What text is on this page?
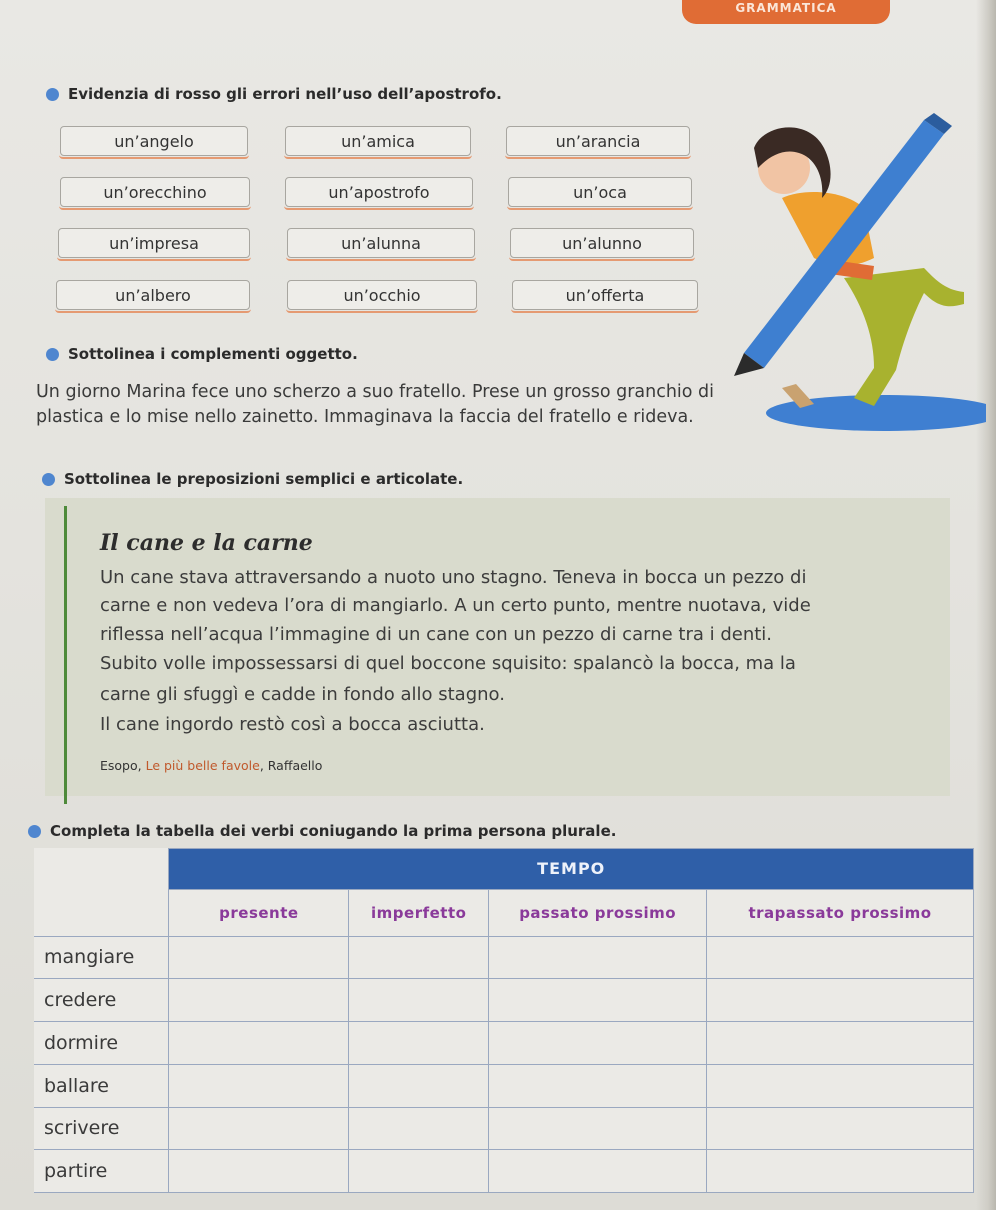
GRAMMATICA
Evidenzia di rosso gli errori nell’uso dell’apostrofo.
un’angelo	un’amica	un’arancia
un’orecchino	un’apostrofo	un’oca
un’impresa	un’alunna	un’alunno
un’albero	un’occhio	un’offerta
Sottolinea i complementi oggetto.
Un giorno Marina fece uno scherzo a suo fratello. Prese un grosso granchio di
plastica e lo mise nello zainetto. Immaginava la faccia del fratello e rideva.
Sottolinea le preposizioni semplici e articolate.
Il cane e la carne
Un cane stava attraversando a nuoto uno stagno. Teneva in bocca un pezzo di
carne e non vedeva l’ora di mangiarlo. A un certo punto, mentre nuotava, vide
riflessa nell’acqua l’immagine di un cane con un pezzo di carne tra i denti.
Subito volle impossessarsi di quel boccone squisito: spalancò la bocca, ma la
carne gli sfuggì e cadde in fondo allo stagno.
Il cane ingordo restò così a bocca asciutta.
Esopo, Le più belle favole, Raffaello
Completa la tabella dei verbi coniugando la prima persona plurale.
	TEMPO			
	presente	imperfetto	passato prossimo	trapassato prossimo
mangiare				
credere				
dormire				
ballare				
scrivere				
partire				
